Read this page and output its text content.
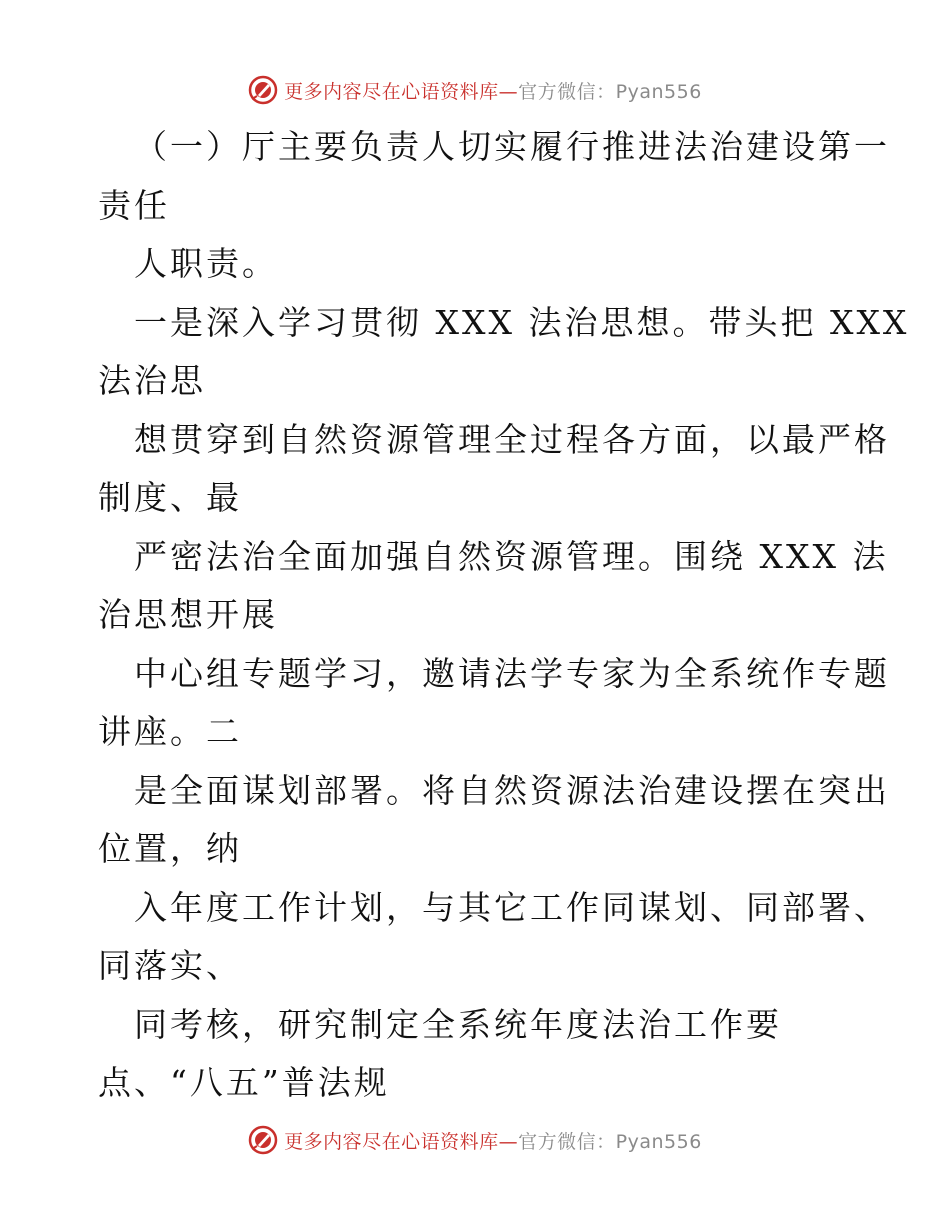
更多内容尽在心语资料库—官方微信：Pyan556
（一）厅主要负责人切实履行推进法治建设第一
责任
人职责。
一是深入学习贯彻 XXX 法治思想。带头把 XXX
法治思
想贯穿到自然资源管理全过程各方面，以最严格
制度、最
严密法治全面加强自然资源管理。围绕 XXX 法
治思想开展
中心组专题学习，邀请法学专家为全系统作专题
讲座。二
是全面谋划部署。将自然资源法治建设摆在突出
位置，纳
入年度工作计划，与其它工作同谋划、同部署、
同落实、
同考核，研究制定全系统年度法治工作要
点、“八五”普法规
更多内容尽在心语资料库—官方微信：Pyan556
